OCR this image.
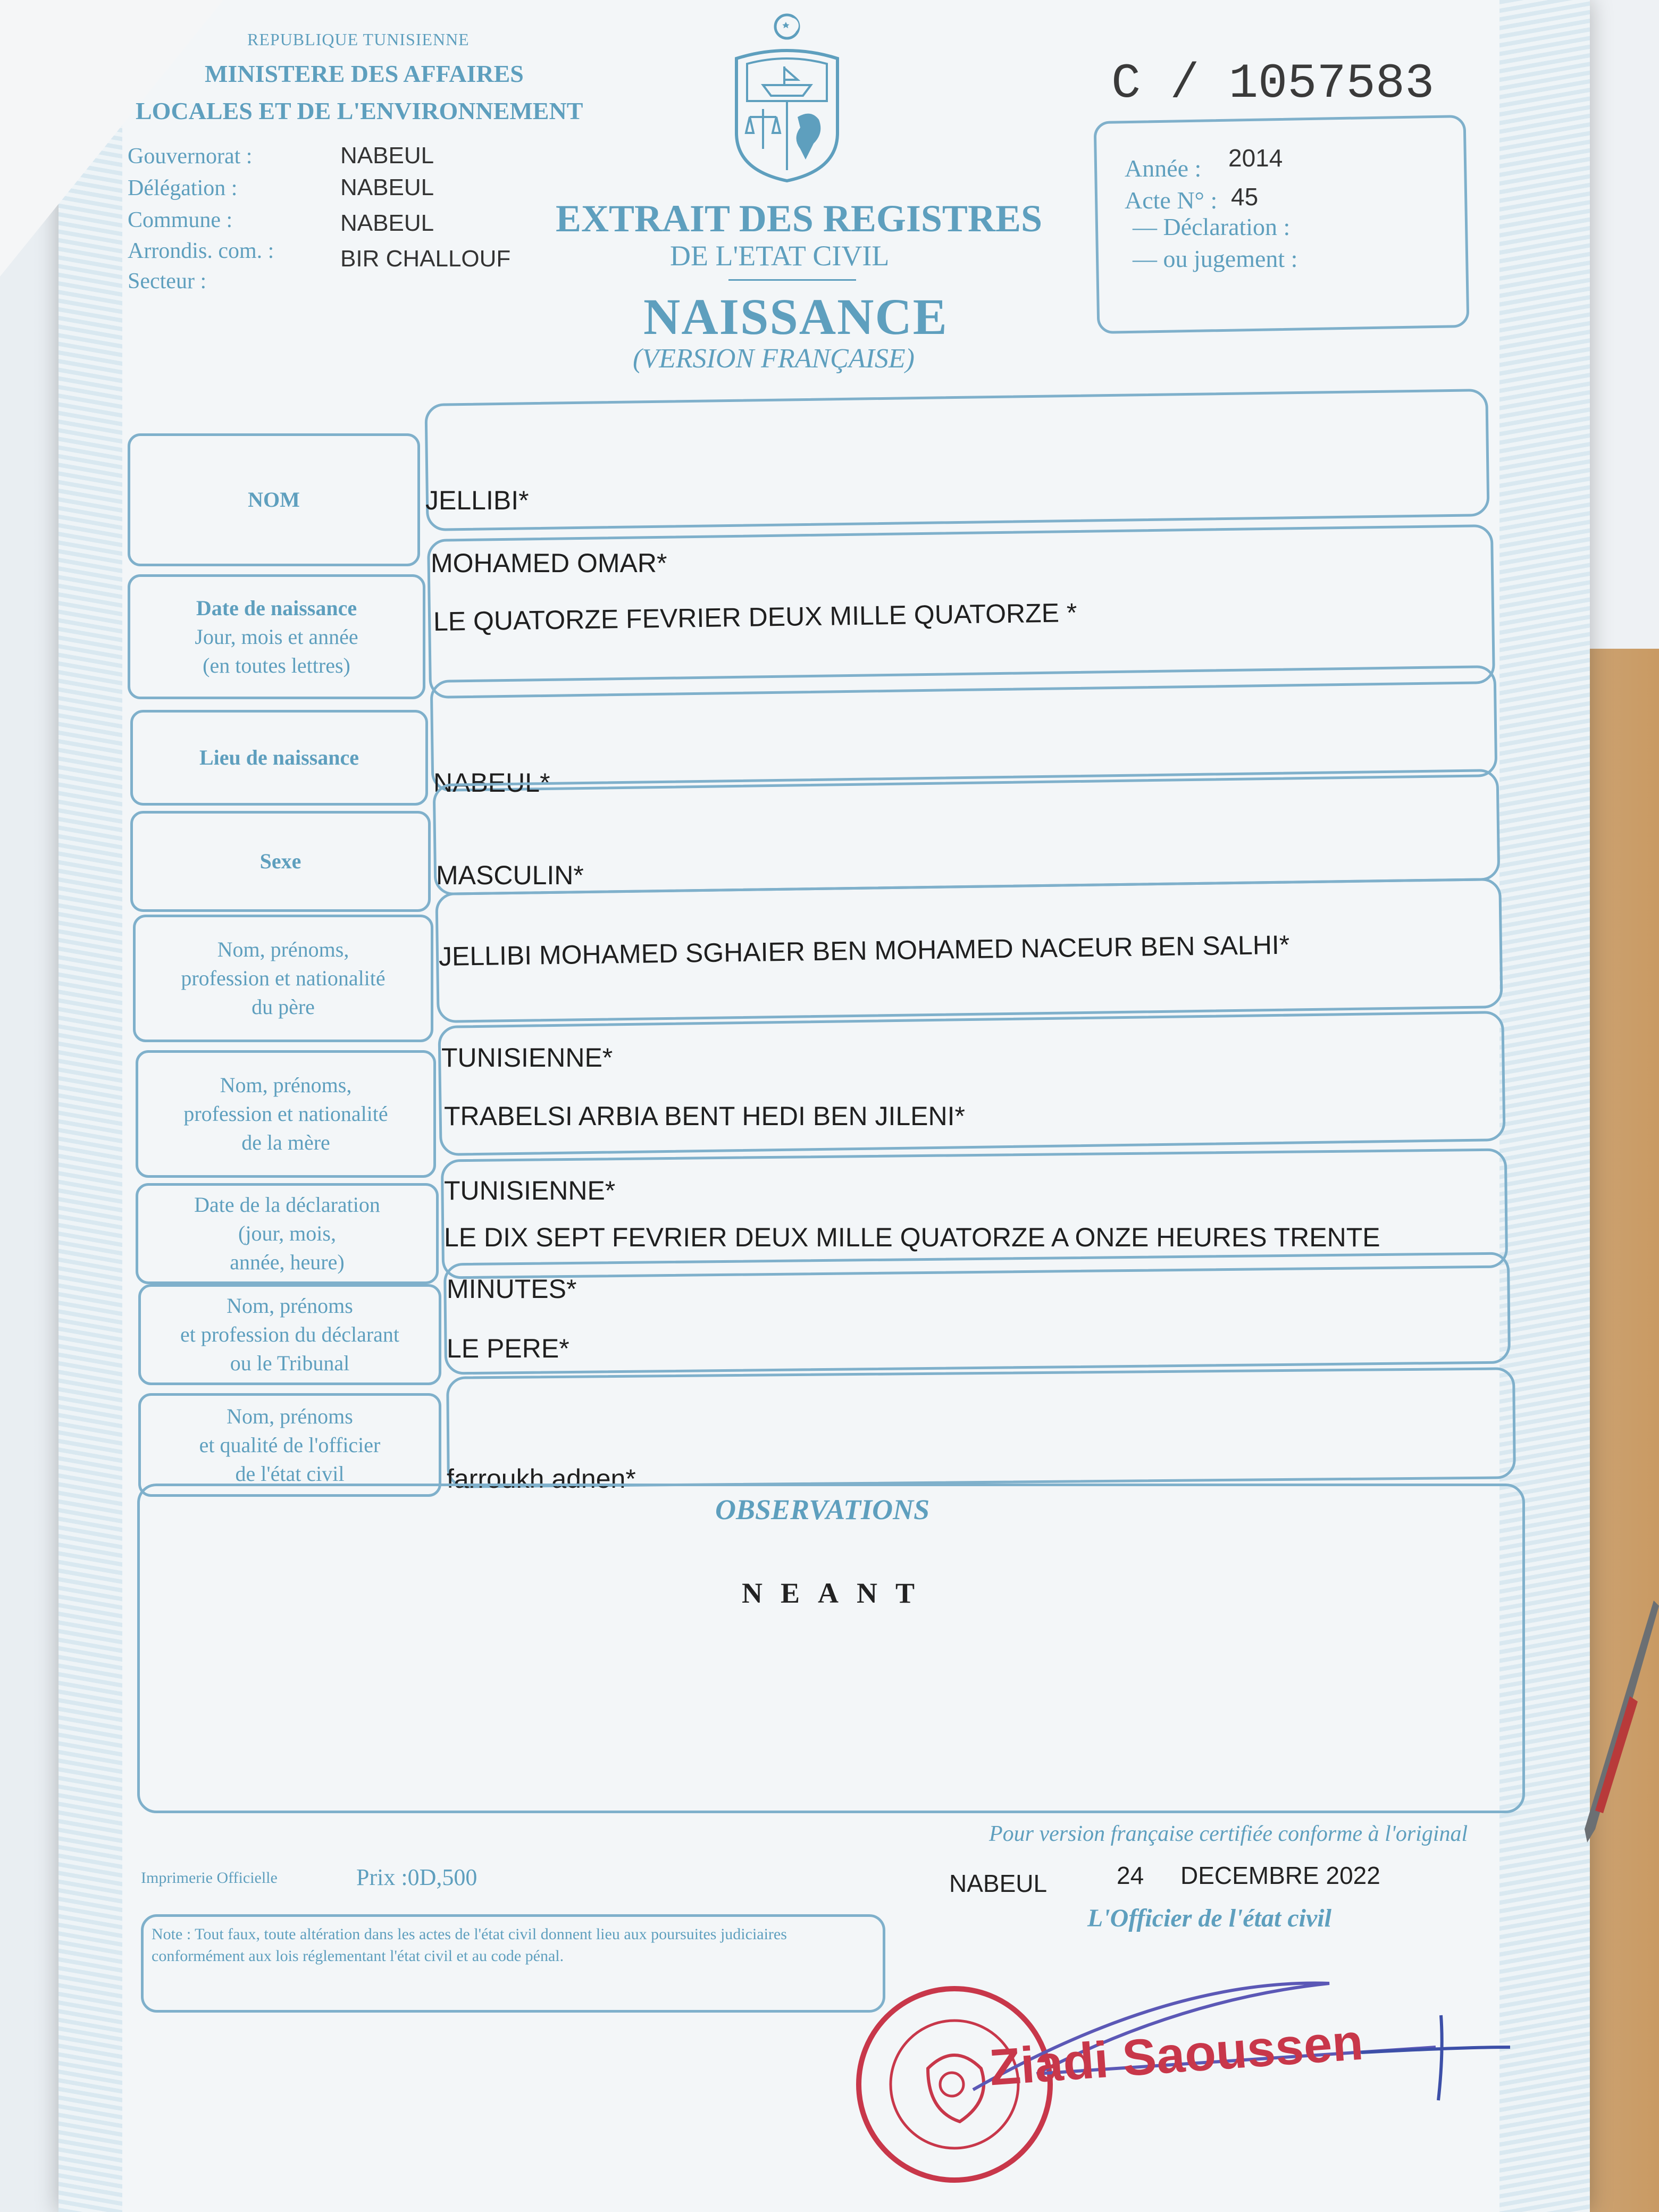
REPUBLIQUE TUNISIENNE
MINISTERE DES AFFAIRES
LOCALES ET DE L'ENVIRONNEMENT
Gouvernorat :	NABEUL
Délégation :	NABEUL
Commune :	NABEUL
Arrondis. com. :	BIR CHALLOUF
Secteur :
EXTRAIT DES REGISTRES
DE L'ETAT CIVIL
NAISSANCE
(VERSION FRANÇAISE)
C / 1057583
Année : 2014
Acte N° : 45
— Déclaration :
— ou jugement :
NOM	JELLIBI*
MOHAMED OMAR*
Date de naissance
Jour, mois et année
(en toutes lettres)
LE QUATORZE FEVRIER DEUX MILLE QUATORZE *
Lieu de naissance
NABEUL*
Sexe	MASCULIN*
Nom, prénoms,
profession et nationalité
du père
JELLIBI MOHAMED SGHAIER BEN MOHAMED NACEUR BEN SALHI*
TUNISIENNE*
Nom, prénoms,
profession et nationalité
de la mère
TRABELSI ARBIA BENT HEDI BEN JILENI*
TUNISIENNE*
Date de la déclaration
(jour, mois,
année, heure)
LE DIX SEPT FEVRIER DEUX MILLE QUATORZE A ONZE HEURES TRENTE
MINUTES*
Nom, prénoms
et profession du déclarant
ou le Tribunal	LE PERE*
Nom, prénoms
et qualité de l'officier
de l'état civil	farroukh adnen*
OBSERVATIONS
NEANT
Imprimerie Officielle	Prix :0D,500
Pour version française certifiée conforme à l'original
NABEUL	24 DECEMBRE 2022
L'Officier de l'état civil
Note : Tout faux, toute altération dans les actes de l'état civil donnent lieu aux poursuites judiciaires conformément aux lois réglementant l'état civil et au code pénal.
Ziadi Saoussen
